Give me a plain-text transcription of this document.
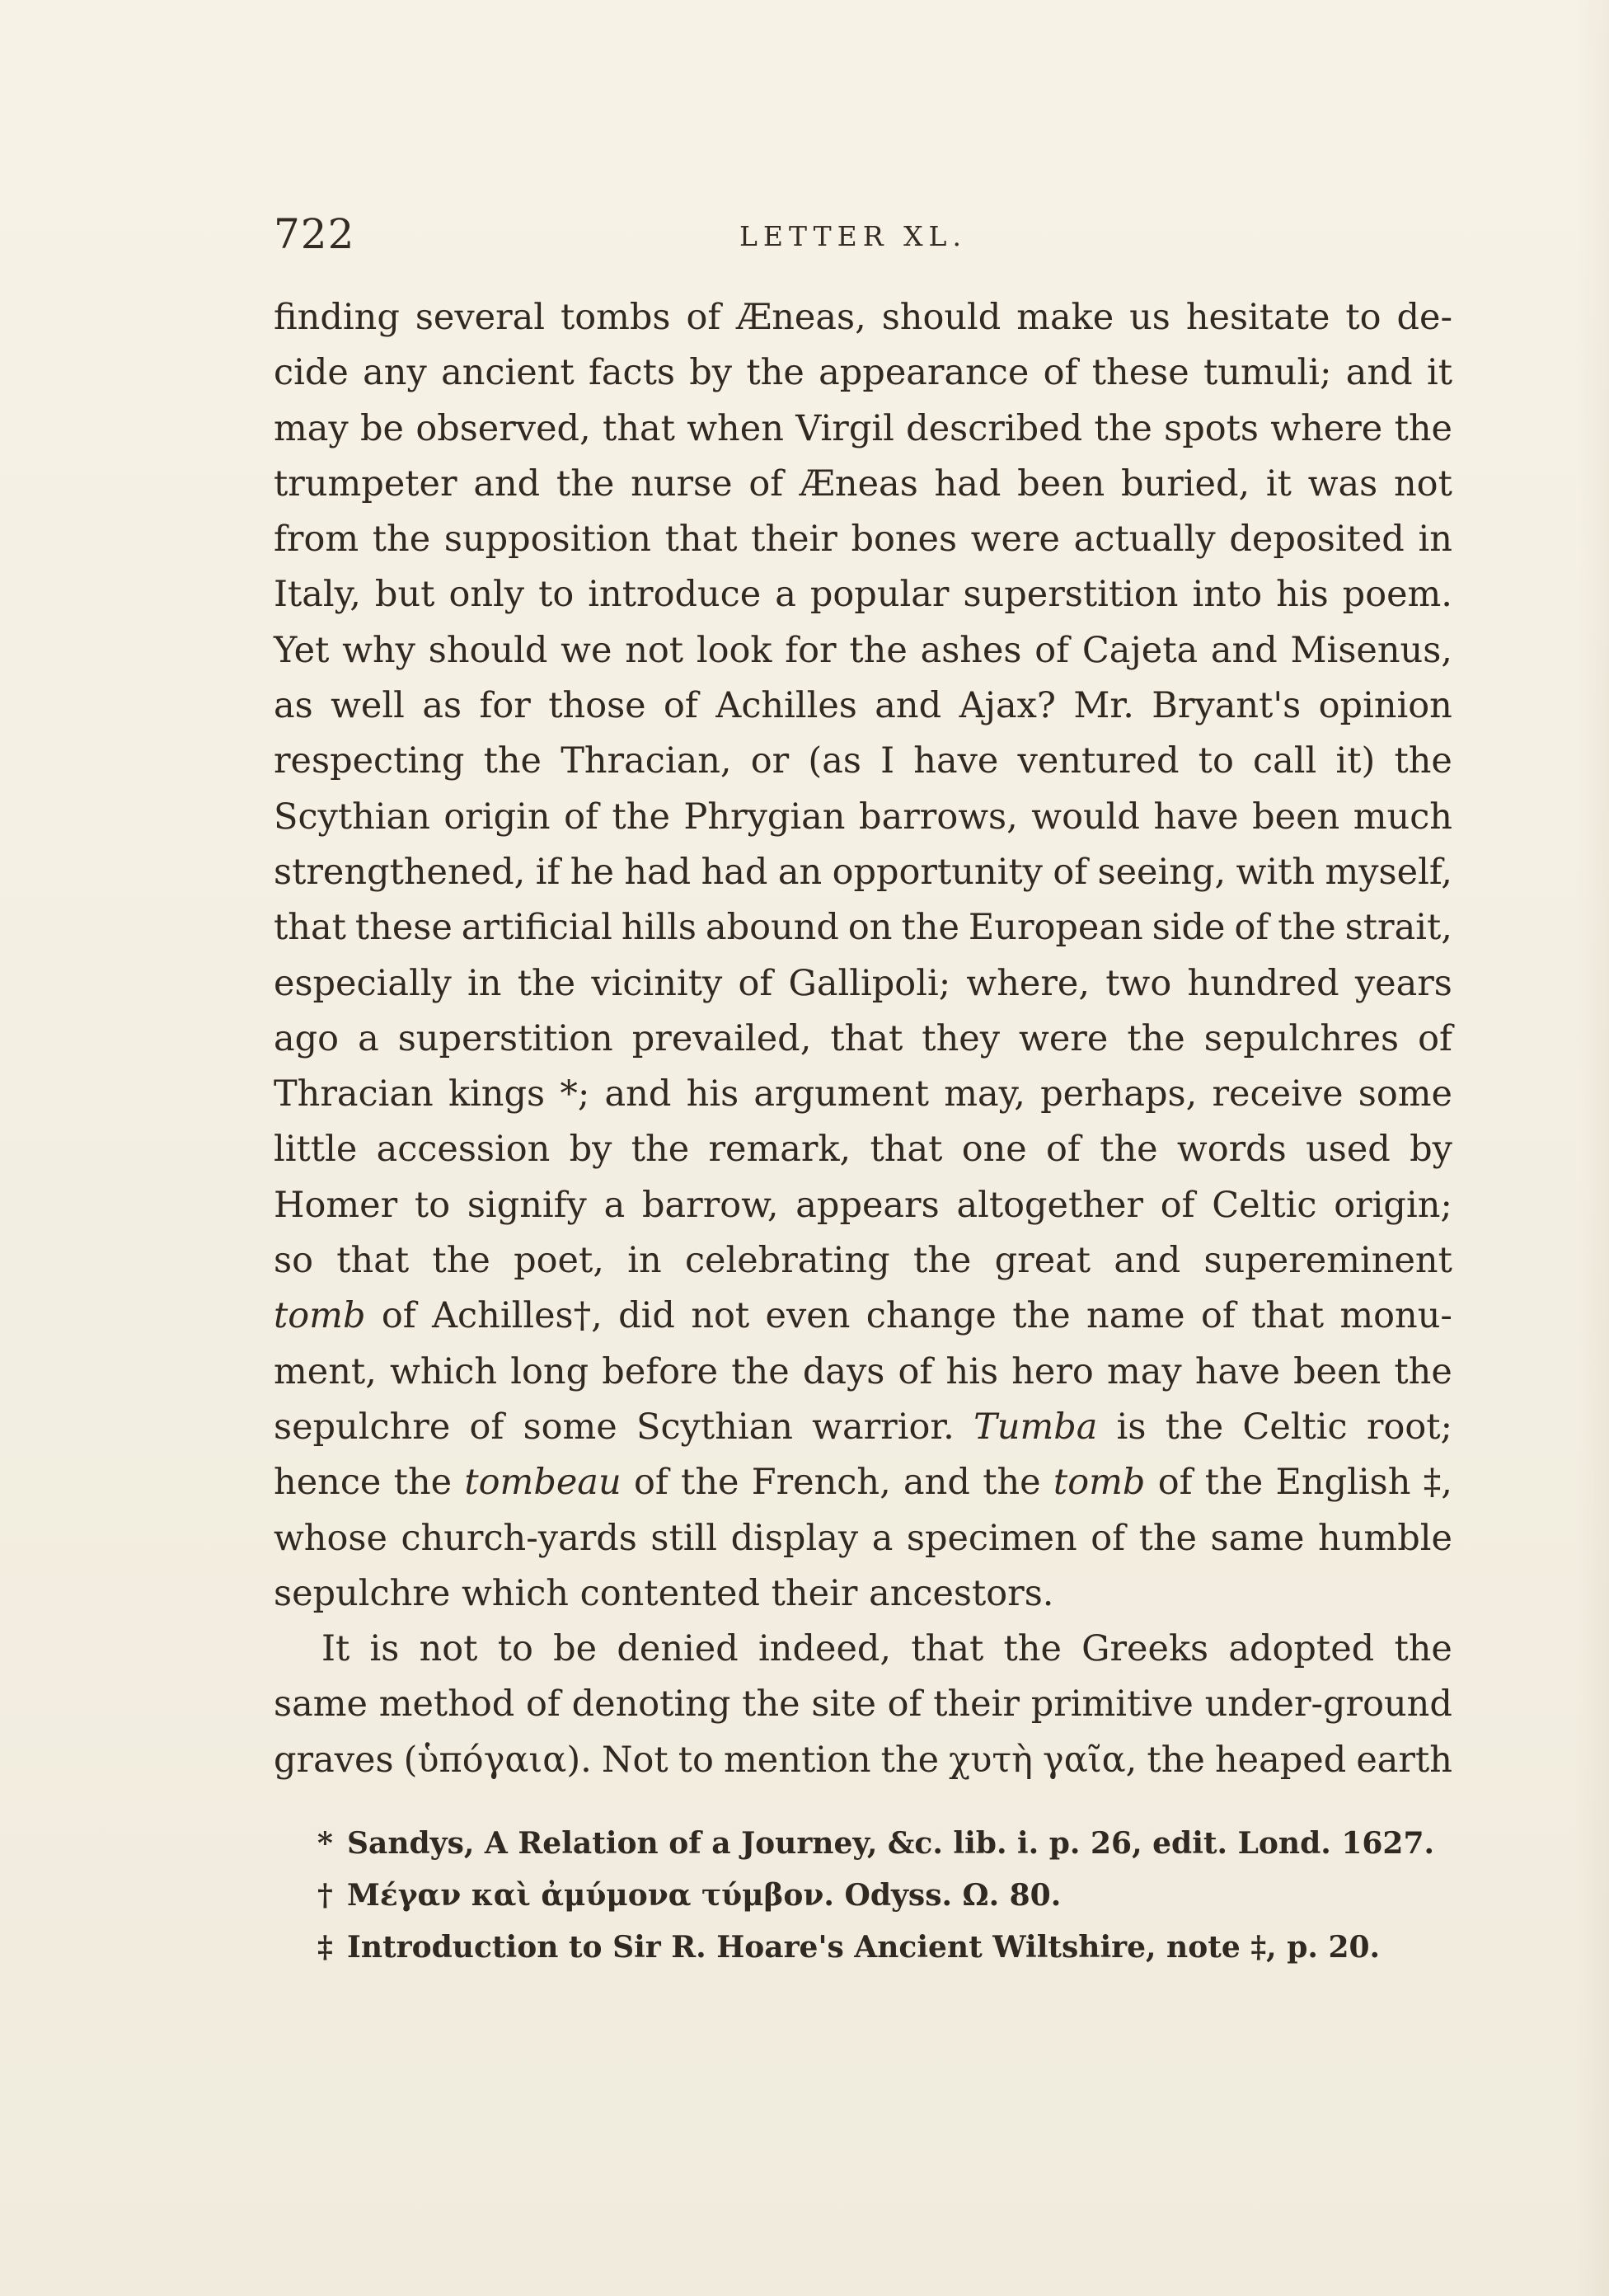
722	LETTER XL.
finding several tombs of Æneas, should make us hesitate to de-
cide any ancient facts by the appearance of these tumuli; and it
may be observed, that when Virgil described the spots where the
trumpeter and the nurse of Æneas had been buried, it was not
from the supposition that their bones were actually deposited in
Italy, but only to introduce a popular superstition into his poem.
Yet why should we not look for the ashes of Cajeta and Misenus,
as well as for those of Achilles and Ajax? Mr. Bryant's opinion
respecting the Thracian, or (as I have ventured to call it) the
Scythian origin of the Phrygian barrows, would have been much
strengthened, if he had had an opportunity of seeing, with myself,
that these artificial hills abound on the European side of the strait,
especially in the vicinity of Gallipoli; where, two hundred years
ago a superstition prevailed, that they were the sepulchres of
Thracian kings *; and his argument may, perhaps, receive some
little accession by the remark, that one of the words used by
Homer to signify a barrow, appears altogether of Celtic origin;
so that the poet, in celebrating the great and supereminent
tomb of Achilles†, did not even change the name of that monu-
ment, which long before the days of his hero may have been the
sepulchre of some Scythian warrior. Tumba is the Celtic root;
hence the tombeau of the French, and the tomb of the English ‡,
whose church-yards still display a specimen of the same humble
sepulchre which contented their ancestors.
It is not to be denied indeed, that the Greeks adopted the
same method of denoting the site of their primitive under-ground
graves (ὑπόγαια). Not to mention the χυτὴ γαῖα, the heaped earth
* Sandys, A Relation of a Journey, &c. lib. i. p. 26, edit. Lond. 1627.
† Μέγαν καὶ ἀμύμονα τύμβον. Odyss. Ω. 80.
‡ Introduction to Sir R. Hoare's Ancient Wiltshire, note ‡, p. 20.
